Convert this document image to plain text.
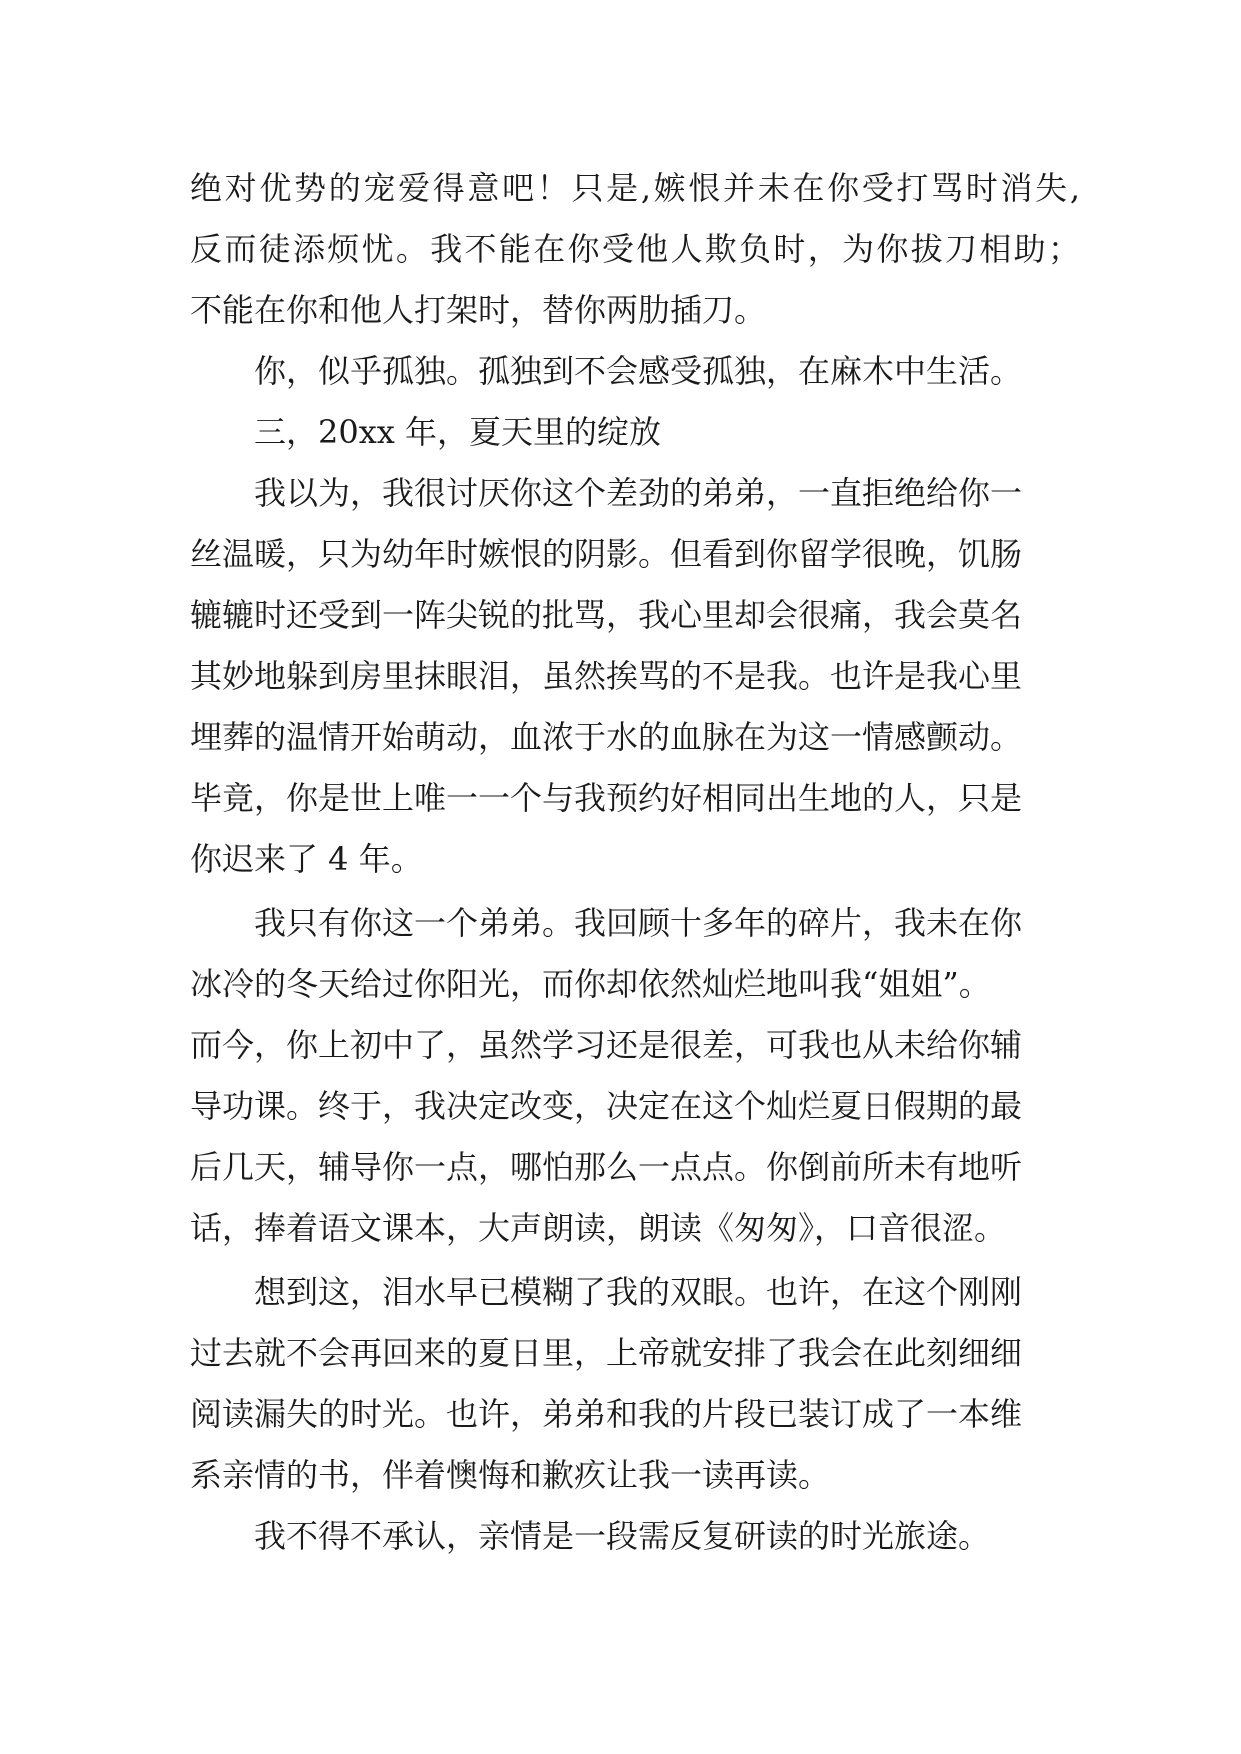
绝对优势的宠爱得意吧！只是,嫉恨并未在你受打骂时消失,
反而徒添烦忧。我不能在你受他人欺负时，为你拔刀相助；
不能在你和他人打架时，替你两肋插刀。
你，似乎孤独。孤独到不会感受孤独，在麻木中生活。
三，20xx 年，夏天里的绽放
我以为，我很讨厌你这个差劲的弟弟，一直拒绝给你一
丝温暖，只为幼年时嫉恨的阴影。但看到你留学很晚，饥肠
辘辘时还受到一阵尖锐的批骂，我心里却会很痛，我会莫名
其妙地躲到房里抹眼泪，虽然挨骂的不是我。也许是我心里
埋葬的温情开始萌动，血浓于水的血脉在为这一情感颤动。
毕竟，你是世上唯一一个与我预约好相同出生地的人，只是
你迟来了 4 年。
我只有你这一个弟弟。我回顾十多年的碎片，我未在你
冰冷的冬天给过你阳光，而你却依然灿烂地叫我“姐姐”。
而今，你上初中了，虽然学习还是很差，可我也从未给你辅
导功课。终于，我决定改变，决定在这个灿烂夏日假期的最
后几天，辅导你一点，哪怕那么一点点。你倒前所未有地听
话，捧着语文课本，大声朗读，朗读《匆匆》，口音很涩。
想到这，泪水早已模糊了我的双眼。也许，在这个刚刚
过去就不会再回来的夏日里，上帝就安排了我会在此刻细细
阅读漏失的时光。也许，弟弟和我的片段已装订成了一本维
系亲情的书，伴着懊悔和歉疚让我一读再读。
我不得不承认，亲情是一段需反复研读的时光旅途。
